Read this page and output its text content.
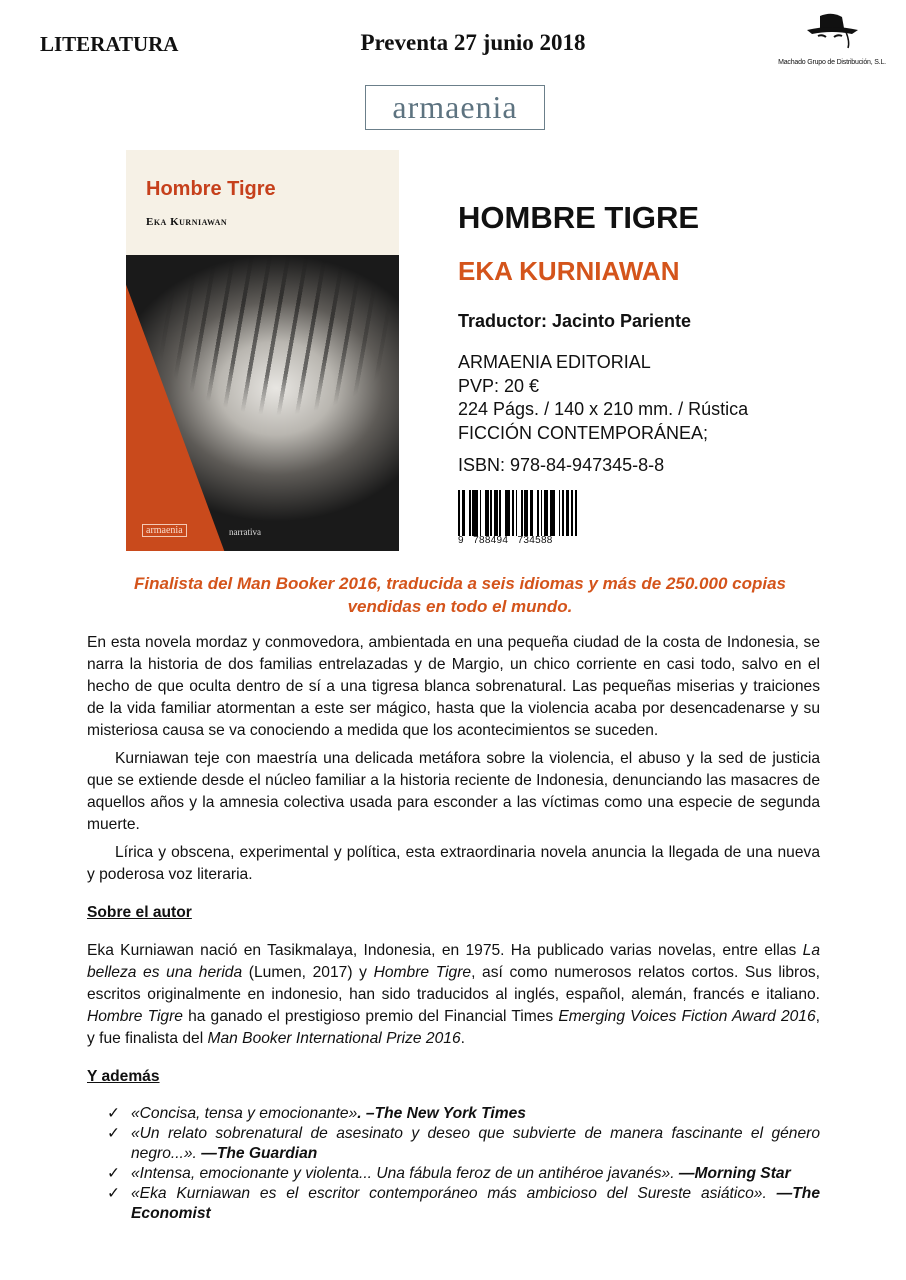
LITERATURA	Preventa 27 junio 2018
Machado Grupo de Distribución, S.L.
armaenia
Hombre Tigre
Eka Kurniawan
armaenia	narrativa
HOMBRE TIGRE
EKA KURNIAWAN
Traductor: Jacinto Pariente
ARMAENIA EDITORIAL
PVP: 20 €
224 Págs. / 140 x 210 mm. / Rústica
FICCIÓN CONTEMPORÁNEA;
ISBN: 978-84-947345-8-8
9   788494   734588
Finalista del Man Booker 2016, traducida a seis idiomas y más de 250.000 copias vendidas en todo el mundo.

En esta novela mordaz y conmovedora, ambientada en una pequeña ciudad de la costa de Indonesia, se narra la historia de dos familias entrelazadas y de Margio, un chico corriente en casi todo, salvo en el hecho de que oculta dentro de sí a una tigresa blanca sobrenatural. Las pequeñas miserias y traiciones de la vida familiar atormentan a este ser mágico, hasta que la violencia acaba por desencadenarse y su misteriosa causa se va conociendo a medida que los acontecimientos se suceden.

Kurniawan teje con maestría una delicada metáfora sobre la violencia, el abuso y la sed de justicia que se extiende desde el núcleo familiar a la historia reciente de Indonesia, denunciando las masacres de aquellos años y la amnesia colectiva usada para esconder a las víctimas como una especie de segunda muerte.

Lírica y obscena, experimental y política, esta extraordinaria novela anuncia la llegada de una nueva y poderosa voz literaria.

Sobre el autor

Eka Kurniawan nació en Tasikmalaya, Indonesia, en 1975. Ha publicado varias novelas, entre ellas La belleza es una herida (Lumen, 2017) y Hombre Tigre, así como numerosos relatos cortos. Sus libros, escritos originalmente en indonesio, han sido traducidos al inglés, español, alemán, francés e italiano. Hombre Tigre ha ganado el prestigioso premio del Financial Times Emerging Voices Fiction Award 2016, y fue finalista del Man Booker International Prize 2016.

Y además
✓ «Concisa, tensa y emocionante». –The New York Times
✓ «Un relato sobrenatural de asesinato y deseo que subvierte de manera fascinante el género negro...». —The Guardian
✓ «Intensa, emocionante y violenta... Una fábula feroz de un antihéroe javanés». —Morning Star
✓ «Eka Kurniawan es el escritor contemporáneo más ambicioso del Sureste asiático». —The Economist
